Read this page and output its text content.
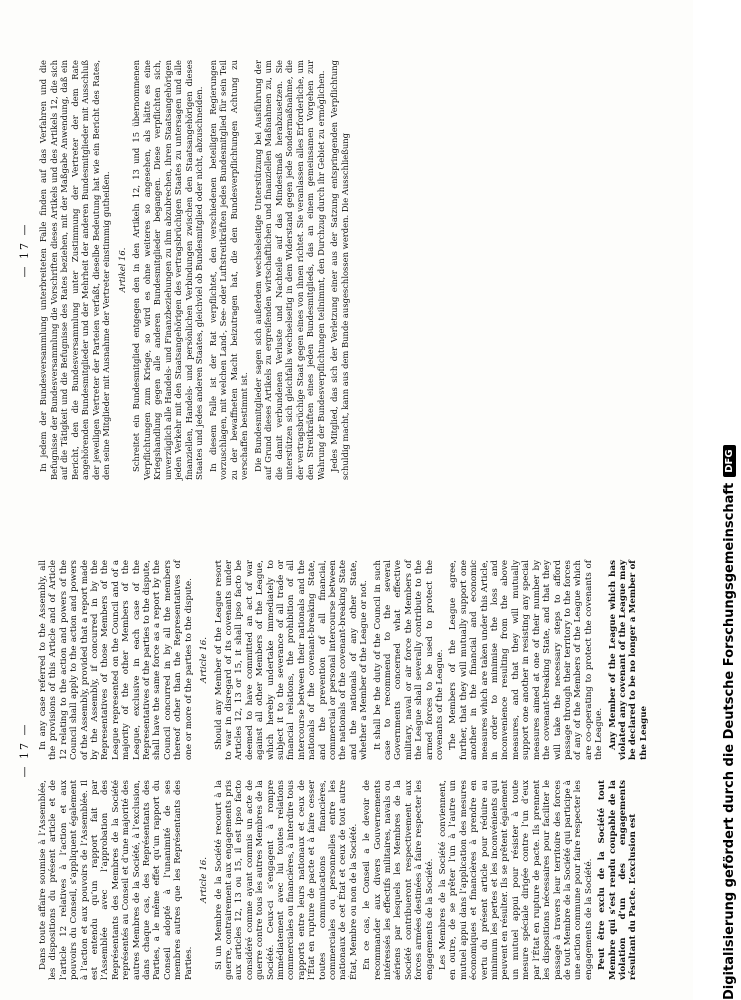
— 17 —

Dans toute affaire soumise à l’Assemblée, les dispositions du présent article et de l’article 12 relatives à l’action et aux pouvoirs du Conseil, s’appliquent également à l’action et aux pouvoirs de l’Assemblée. Il est entendu qu’un rapport fait par l’Assemblée avec l’approbation des Représentants des Membres de la Société représentés au Conseil et d’une majorité des autres Membres de la Société, à l’exclusion, dans chaque cas, des Représentants des Parties, a le même effet qu’un rapport du Conseil adopté à l’unanimité de ses membres autres que les Représentants des Parties.

Article 16. Si un Membre de la Société recourt à la guerre, contrairement aux engagements pris aux articles 12, 13 ou 15, il est ipso facto considéré comme ayant commis un acte de guerre contre tous les autres Membres de la Société. Ceux-ci s’engagent à rompre immédiatement avec lui toutes relations commerciales ou financières, à interdire tous rapports entre leurs nationaux et ceux de l’État en rupture de pacte et à faire cesser toutes communications financières, commerciales ou personnelles entre les nationaux de cet État et ceux de tout autre État, Membre ou non de la Société. En ce cas, le Conseil a le devoir de recommander aux divers Gouvernements intéressés les effectifs militaires, navals ou aériens par lesquels les Membres de la Société contribueront respectivement aux forces armées destinées à faire respecter les engagements de la Société. Les Membres de la Société conviennent, en outre, de se prêter l’un à l’autre un mutuel appui dans l’application des mesures économiques et financières à prendre en vertu du présent article pour réduire au minimum les pertes et les inconvénients qui peuvent en résulter. Ils se prêtent également un mutuel appui pour résister à toute mesure spéciale dirigée contre l’un d’eux par l’État en rupture de pacte. Ils prennent les dispositions nécessaires pour faciliter le passage à travers leur territoire des forces de tout Membre de la Société qui participe à une action commune pour faire respecter les engagements de la Société. Peut être exclu de la Société tout Membre qui s’est rendu coupable de la violation d’un des engagements résultant du Pacte. L’exclusion est

In any case referred to the Assembly, all the provisions of this Article and of Article 12 relating to the action and powers of the Council shall apply to the action and powers of the Assembly, provided that a report made by the Assembly, if concurred in by the Representatives of those Members of the League represented on the Council and of a majority of the other Members of the League, exclusive in each case of the Representatives of the parties to the dispute, shall have the same force as a report by the Council concurred in by all the members thereof other than the Representatives of one or more of the parties to the dispute. Article 16. Should any Member of the League resort to war in disregard of its covenants under Articles 12, 13 or 15, it shall ipso facto be deemed to have committed an act of war against all other Members of the League, which hereby undertake immediately to subject it to the severance of all trade or financial relations, the prohibition of all intercourse between their nationals and the nationals of the covenant-breaking State, and the prevention of all financial, commercial or personal intercourse between the nationals of the covenant-breaking State and the nationals of any other State, whether a Member of the League or not. It shall be the duty of the Council in such case to recommend to the several Governments concerned what effective military, naval or air force the Members of the League shall severally contribute to the armed forces to be used to protect the covenants of the League. The Members of the League agree, further, that they will mutually support one another in the financial and economic measures which are taken under this Article, in order to minimise the loss and inconvenience resulting from the above measures, and that they will mutually support one another in resisting any special measures aimed at one of their number by the covenant-breaking State, and that they will take the necessary steps to afford passage through their territory to the forces of any of the Members of the League which are co-operating to protect the covenants of the League. Any Member of the League which has violated any covenant of the League may be declared to be no longer a Member of the League

— 17 — In jedem der Bundesversammlung unterbreiteten Falle finden auf das Verfahren und die Befugnisse der Bundesversammlung die Vorschriften dieses Artikels und des Artikels 12, die sich auf die Tätigkeit und die Befugnisse des Rates beziehen, mit der Maßgabe Anwendung, daß ein Bericht, den die Bundesversammlung unter Zustimmung der Vertreter der dem Rate angehörenden Bundesmitglieder und der Mehrheit der anderen Bundesmitglieder mit Ausschluß der jeweiligen Vertreter der Parteien verfaßt, dieselbe Bedeutung hat wie ein Bericht des Rates, den seine Mitglieder mit Ausnahme der Vertreter einstimmig gutheißen. Artikel 16. Schreitet ein Bundesmitglied entgegen den in den Artikeln 12, 13 und 15 übernommenen Verpflichtungen zum Kriege, so wird es ohne weiteres so angesehen, als hätte es eine Kriegshandlung gegen alle anderen Bundesmitglieder begangen. Diese verpflichten sich, unverzüglich alle Handels- und Finanzbeziehungen zu ihm abzubrechen, ihren Staatsangehörigen jeden Verkehr mit den Staatsangehörigen des vertragsbrüchigen Staates zu untersagen und alle finanziellen, Handels- und persönlichen Verbindungen zwischen den Staatsangehörigen dieses Staates und jedes anderen Staates, gleichviel ob Bundesmitglied oder nicht, abzuschneiden. In diesem Falle ist der Rat verpflichtet, den verschiedenen beteiligten Regierungen vorzuschlagen, mit welchen Land-, See- oder Luftstreitkräften jedes Bundesmitglied für sein Teil zu der bewaffneten Macht beizutragen hat, die den Bundesverpflichtungen Achtung zu verschaffen bestimmt ist. Die Bundesmitglieder sagen sich außerdem wechselseitige Unterstützung bei Ausführung der auf Grund dieses Artikels zu ergreifenden wirtschaftlichen und finanziellen Maßnahmen zu, um die damit verbundenen Verluste und Nachteile auf das Mindestmaß herabzusetzen. Sie unterstützen sich gleichfalls wechselseitig in dem Widerstand gegen jede Sondermaßnahme, die der vertragsbrüchige Staat gegen eines von ihnen richtet. Sie veranlassen alles Erforderliche, um den Streitkräften eines jeden Bundesmitglieds, das an einem gemeinsamen Vorgehen zur Wahrung der Bundesverpflichtungen teilnimmt, den Durchzug durch ihr Gebiet zu ermöglichen. Jedes Mitglied, das sich der Verletzung einer aus der Satzung entspringenden Verpflichtung schuldig macht, kann aus dem Bunde ausgeschlossen werden. Die Ausschließung

Digitalisierung gefördert durch die Deutsche Forschungsgemeinschaft
DFG
